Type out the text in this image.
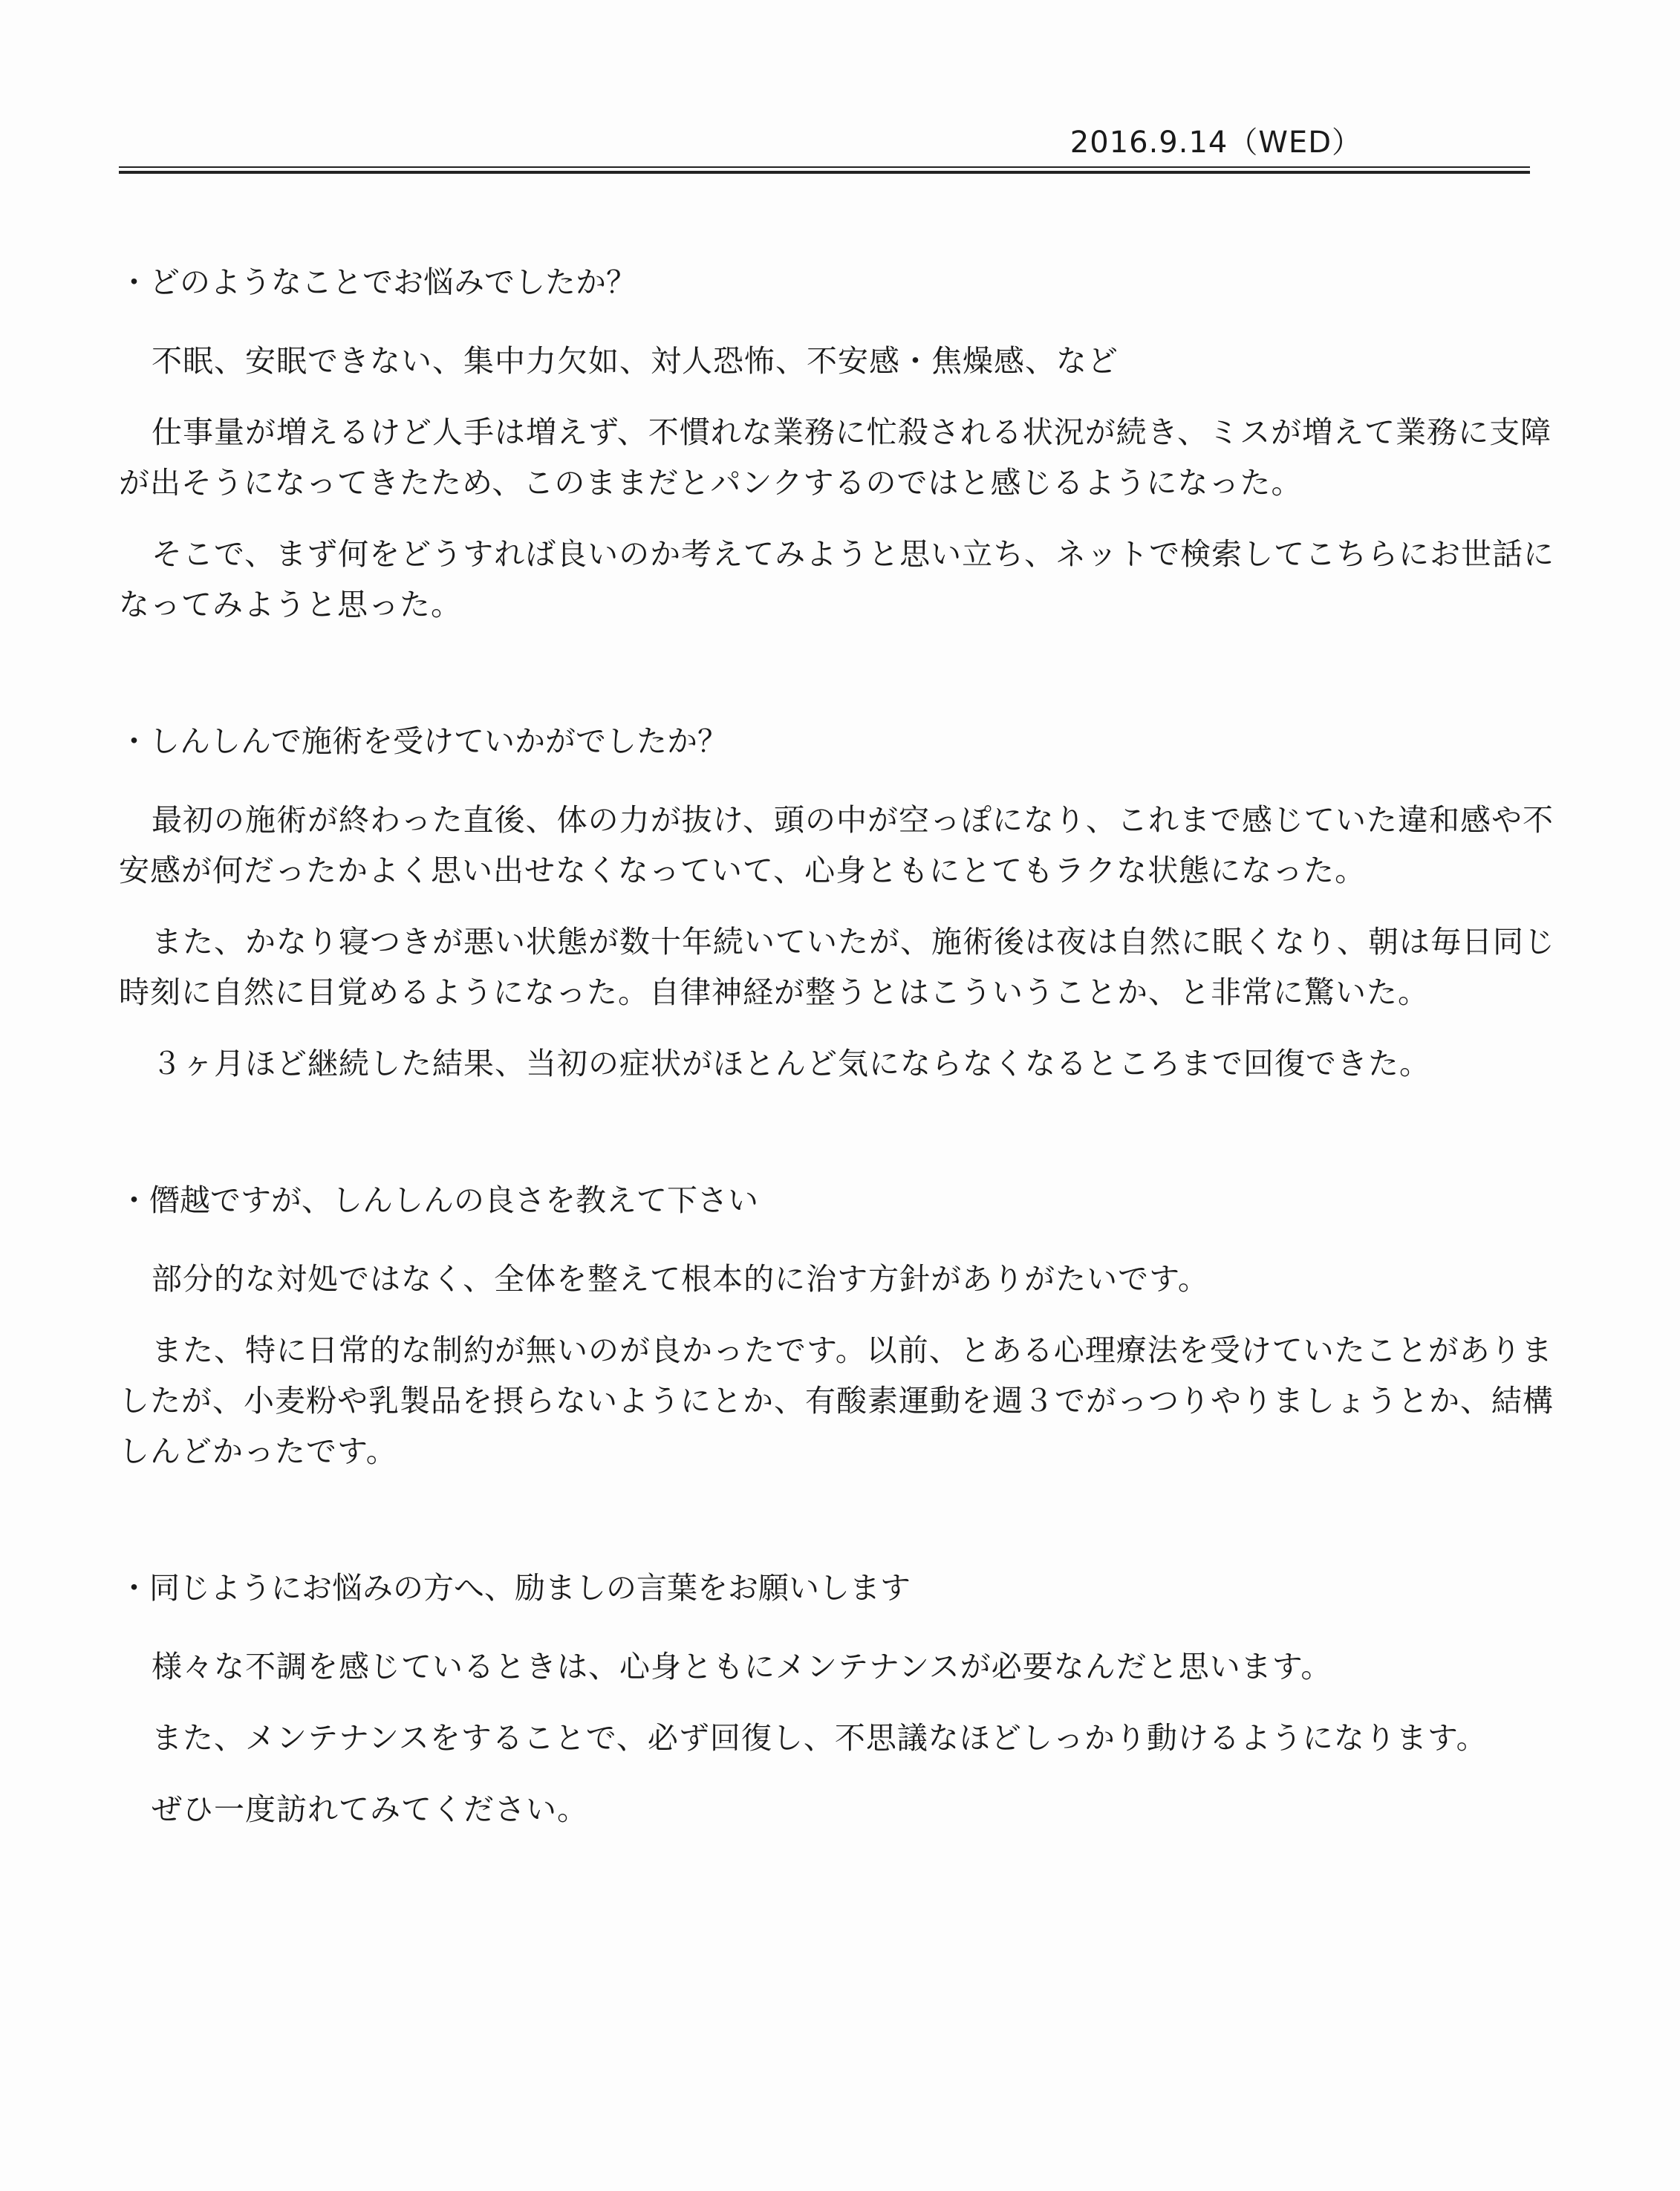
2016.9.14（WED）

・どのようなことでお悩みでしたか？

不眠、安眠できない、集中力欠如、対人恐怖、不安感・焦燥感、など

仕事量が増えるけど人手は増えず、不慣れな業務に忙殺される状況が続き、ミスが増えて業務に支障が出そうになってきたため、このままだとパンクするのではと感じるようになった。

そこで、まず何をどうすれば良いのか考えてみようと思い立ち、ネットで検索してこちらにお世話になってみようと思った。

・しんしんで施術を受けていかがでしたか？

最初の施術が終わった直後、体の力が抜け、頭の中が空っぽになり、これまで感じていた違和感や不安感が何だったかよく思い出せなくなっていて、心身ともにとてもラクな状態になった。

また、かなり寝つきが悪い状態が数十年続いていたが、施術後は夜は自然に眠くなり、朝は毎日同じ時刻に自然に目覚めるようになった。自律神経が整うとはこういうことか、と非常に驚いた。

３ヶ月ほど継続した結果、当初の症状がほとんど気にならなくなるところまで回復できた。

・僭越ですが、しんしんの良さを教えて下さい

部分的な対処ではなく、全体を整えて根本的に治す方針がありがたいです。

また、特に日常的な制約が無いのが良かったです。以前、とある心理療法を受けていたことがありましたが、小麦粉や乳製品を摂らないようにとか、有酸素運動を週３でがっつりやりましょうとか、結構しんどかったです。

・同じようにお悩みの方へ、励ましの言葉をお願いします

様々な不調を感じているときは、心身ともにメンテナンスが必要なんだと思います。

また、メンテナンスをすることで、必ず回復し、不思議なほどしっかり動けるようになります。

ぜひ一度訪れてみてください。
